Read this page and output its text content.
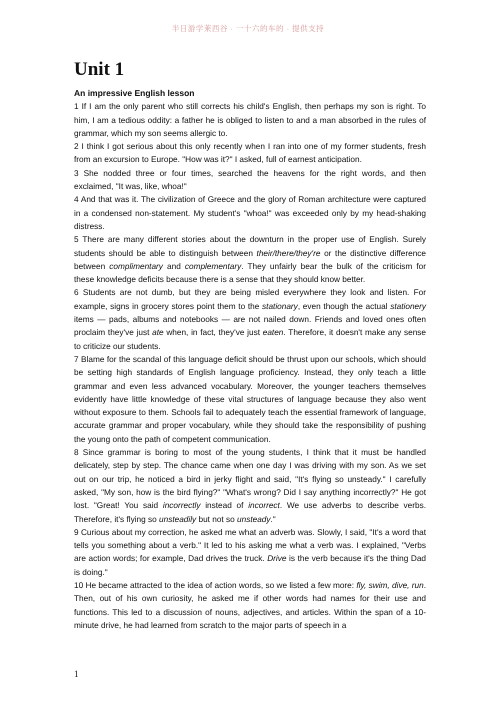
半日游学莱西谷 · 一十六的车的 · 提供支持
Unit 1

An impressive English lesson

1 If I am the only parent who still corrects his child's English, then perhaps my son is right. To him, I am a tedious oddity: a father he is obliged to listen to and a man absorbed in the rules of grammar, which my son seems allergic to.

2 I think I got serious about this only recently when I ran into one of my former students, fresh from an excursion to Europe. "How was it?" I asked, full of earnest anticipation.

3 She nodded three or four times, searched the heavens for the right words, and then exclaimed, "It was, like, whoa!"

4 And that was it. The civilization of Greece and the glory of Roman architecture were captured in a condensed non-statement. My student's "whoa!" was exceeded only by my head-shaking distress.

5 There are many different stories about the downturn in the proper use of English. Surely students should be able to distinguish between their/there/they're or the distinctive difference between complimentary and complementary. They unfairly bear the bulk of the criticism for these knowledge deficits because there is a sense that they should know better.

6 Students are not dumb, but they are being misled everywhere they look and listen. For example, signs in grocery stores point them to the stationary, even though the actual stationery items — pads, albums and notebooks — are not nailed down. Friends and loved ones often proclaim they've just ate when, in fact, they've just eaten. Therefore, it doesn't make any sense to criticize our students.

7 Blame for the scandal of this language deficit should be thrust upon our schools, which should be setting high standards of English language proficiency. Instead, they only teach a little grammar and even less advanced vocabulary. Moreover, the younger teachers themselves evidently have little knowledge of these vital structures of language because they also went without exposure to them. Schools fail to adequately teach the essential framework of language, accurate grammar and proper vocabulary, while they should take the responsibility of pushing the young onto the path of competent communication.

8 Since grammar is boring to most of the young students, I think that it must be handled delicately, step by step. The chance came when one day I was driving with my son. As we set out on our trip, he noticed a bird in jerky flight and said, "It's flying so unsteady." I carefully asked, "My son, how is the bird flying?" "What's wrong? Did I say anything incorrectly?" He got lost. "Great! You said incorrectly instead of incorrect. We use adverbs to describe verbs. Therefore, it's flying so unsteadily but not so unsteady."

9 Curious about my correction, he asked me what an adverb was. Slowly, I said, "It's a word that tells you something about a verb." It led to his asking me what a verb was. I explained, "Verbs are action words; for example, Dad drives the truck. Drive is the verb because it's the thing Dad is doing."

10 He became attracted to the idea of action words, so we listed a few more: fly, swim, dive, run. Then, out of his own curiosity, he asked me if other words had names for their use and functions. This led to a discussion of nouns, adjectives, and articles. Within the span of a 10-minute drive, he had learned from scratch to the major parts of speech in a

1
